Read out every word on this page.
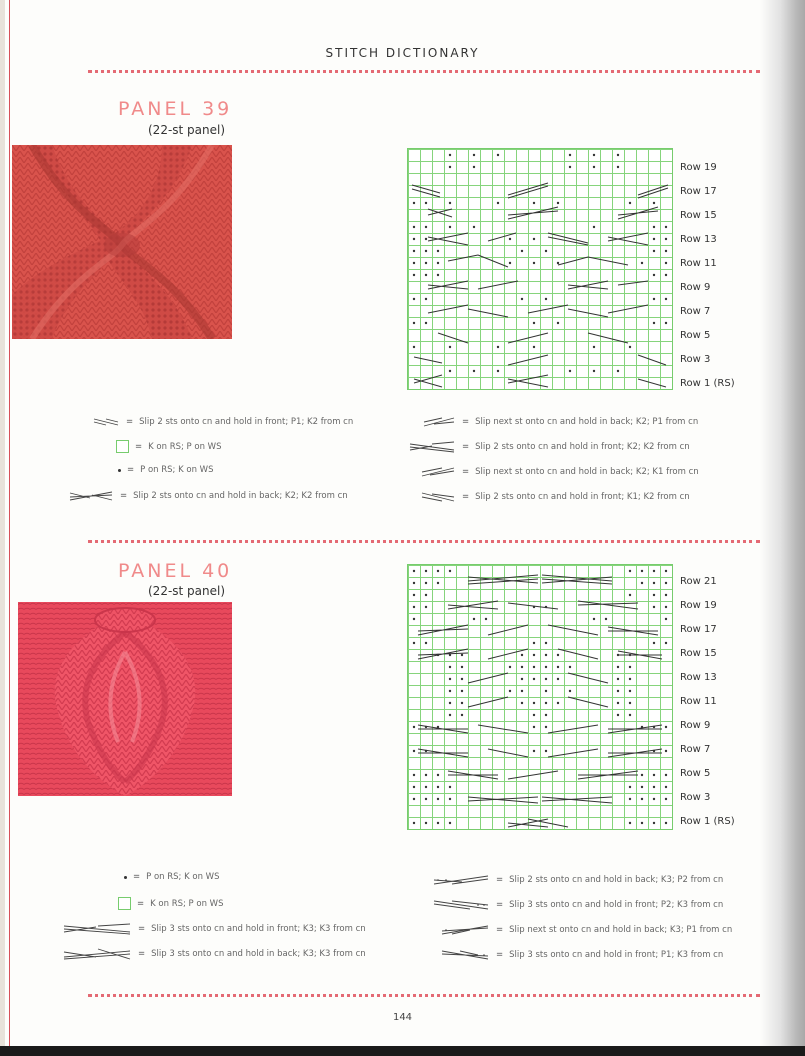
STITCH DICTIONARY
PANEL 39
(22-st panel)
Row 19
Row 17
Row 15
Row 13
Row 11
Row 9
Row 7
Row 5
Row 3
Row 1 (RS)
= Slip 2 sts onto cn and hold in front; P1; K2 from cn
= K on RS; P on WS
= P on RS; K on WS
= Slip 2 sts onto cn and hold in back; K2; K2 from cn
= Slip next st onto cn and hold in back; K2; P1 from cn
= Slip 2 sts onto cn and hold in front; K2; K2 from cn
= Slip next st onto cn and hold in back; K2; K1 from cn
= Slip 2 sts onto cn and hold in front; K1; K2 from cn
PANEL 40
(22-st panel)
Row 21
Row 19
Row 17
Row 15
Row 13
Row 11
Row 9
Row 7
Row 5
Row 3
Row 1 (RS)
= P on RS; K on WS
= K on RS; P on WS
= Slip 3 sts onto cn and hold in front; K3; K3 from cn
= Slip 3 sts onto cn and hold in back; K3; K3 from cn
= Slip 2 sts onto cn and hold in back; K3; P2 from cn
= Slip 3 sts onto cn and hold in front; P2; K3 from cn
= Slip next st onto cn and hold in back; K3; P1 from cn
= Slip 3 sts onto cn and hold in front; P1; K3 from cn
144
